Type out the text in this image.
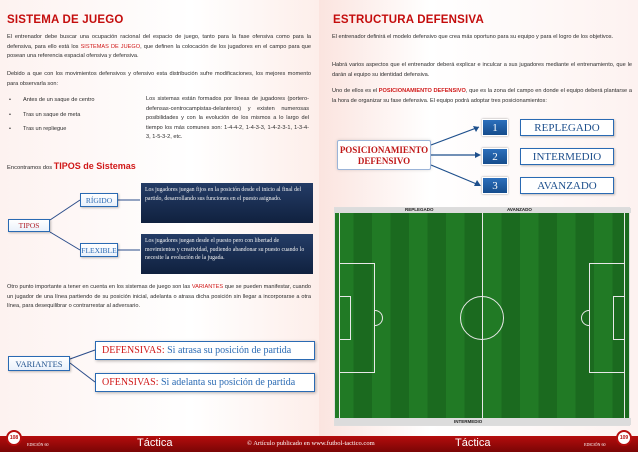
SISTEMA DE JUEGO
El entrenador debe buscar una ocupación racional del espacio de juego, tanto para la fase ofensiva como para la defensiva, para ello está los SISTEMAS DE JUEGO, que definen la colocación de los jugadores en el campo para que posean una referencia espacial ofensiva y defensiva.
Debido a que con los movimientos defensivos y ofensivo esta distribución sufre modificaciones, los mejores momento para observarla son:
•	Antes de un saque de centro
•	Tras un saque de meta
•	Tras un repliegue
Los sistemas están formados por líneas de jugadores (portero-defensas-centrocampistas-delanteros) y existen numerosas posibilidades y con la evolución de los mismos a lo largo del tiempo los más comunes son: 1-4-4-2, 1-4-3-3, 1-4-2-3-1, 1-3-4-3, 1-5-3-2, etc.
Encontramos dos TIPOS de Sistemas
TIPOS
RÍGIDO
FLEXIBLE
Los jugadores juegan fijos en la posición desde el inicio al final del partido, desarrollando sus funciones en el puesto asignado.
Los jugadores juegan desde el puesto pero con libertad de movimientos y creatividad, pudiendo abandonar su puesto cuando lo necesite la evolución de la jugada.
Otro punto importante a tener en cuenta en los sistemas de juego son las VARIANTES que se pueden manifestar, cuando un jugador de una línea partiendo de su posición inicial, adelanta o atrasa dicha posición sin llegar a incorporarse a otra línea, para desequilibrar o contrarrestar al adversario.
VARIANTES
DEFENSIVAS: Si atrasa su posición de partida
OFENSIVAS: Si adelanta su posición de partida
ESTRUCTURA DEFENSIVA
El entrenador definirá el modelo defensivo que crea más oportuno para su equipo y para el logro de los objetivos.
Habrá varios aspectos que el entrenador deberá explicar e inculcar a sus jugadores mediante el entrenamiento, que le darán al equipo su identidad defensiva.
Uno de ellos es el POSICIONAMIENTO DEFENSIVO, que es la zona del campo en donde el equipo deberá plantarse a la hora de organizar su fase defensiva. El equipo podrá adoptar tres posicionamientos:
POSICIONAMIENTO
DEFENSIVO
1	REPLEGADO
2	INTERMEDIO
3	AVANZADO
REPLEGADO	AVANZADO
INTERMEDIO
EDICIÓN 60	Táctica	© Artículo publicado en www.futbol-tactico.com	Táctica	EDICIÓN 60
108	109
